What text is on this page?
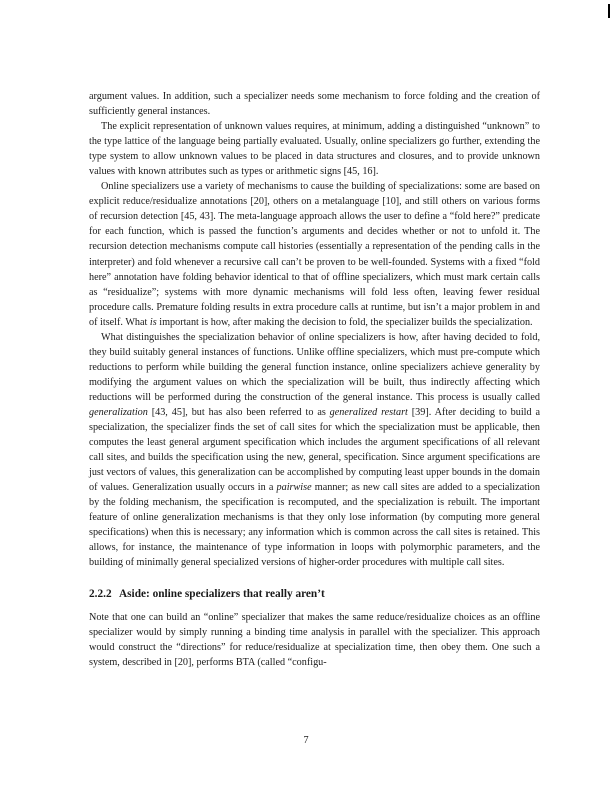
argument values. In addition, such a specializer needs some mechanism to force folding and the creation of sufficiently general instances.

The explicit representation of unknown values requires, at minimum, adding a distinguished “unknown” to the type lattice of the language being partially evaluated. Usually, online specializers go further, extending the type system to allow unknown values to be placed in data structures and closures, and to provide unknown values with known attributes such as types or arithmetic signs [45, 16].

Online specializers use a variety of mechanisms to cause the building of specializations: some are based on explicit reduce/residualize annotations [20], others on a metalanguage [10], and still others on various forms of recursion detection [45, 43]. The meta-language approach allows the user to define a “fold here?” predicate for each function, which is passed the function’s arguments and decides whether or not to unfold it. The recursion detection mechanisms compute call histories (essentially a representation of the pending calls in the interpreter) and fold whenever a recursive call can’t be proven to be well-founded. Systems with a fixed “fold here” annotation have folding behavior identical to that of offline specializers, which must mark certain calls as “residualize”; systems with more dynamic mechanisms will fold less often, leaving fewer residual procedure calls. Premature folding results in extra procedure calls at runtime, but isn’t a major problem in and of itself. What is important is how, after making the decision to fold, the specializer builds the specialization.

What distinguishes the specialization behavior of online specializers is how, after having decided to fold, they build suitably general instances of functions. Unlike offline specializers, which must pre-compute which reductions to perform while building the general function instance, online specializers achieve generality by modifying the argument values on which the specialization will be built, thus indirectly affecting which reductions will be performed during the construction of the general instance. This process is usually called generalization [43, 45], but has also been referred to as generalized restart [39]. After deciding to build a specialization, the specializer finds the set of call sites for which the specialization must be applicable, then computes the least general argument specification which includes the argument specifications of all relevant call sites, and builds the specification using the new, general, specification. Since argument specifications are just vectors of values, this generalization can be accomplished by computing least upper bounds in the domain of values. Generalization usually occurs in a pairwise manner; as new call sites are added to a specialization by the folding mechanism, the specification is recomputed, and the specialization is rebuilt. The important feature of online generalization mechanisms is that they only lose information (by computing more general specifications) when this is necessary; any information which is common across the call sites is retained. This allows, for instance, the maintenance of type information in loops with polymorphic parameters, and the building of minimally general specialized versions of higher-order procedures with multiple call sites.

2.2.2 Aside: online specializers that really aren’t

Note that one can build an “online” specializer that makes the same reduce/residualize choices as an offline specializer would by simply running a binding time analysis in parallel with the specializer. This approach would construct the “directions” for reduce/residualize at specialization time, then obey them. One such a system, described in [20], performs BTA (called “configu-

7
